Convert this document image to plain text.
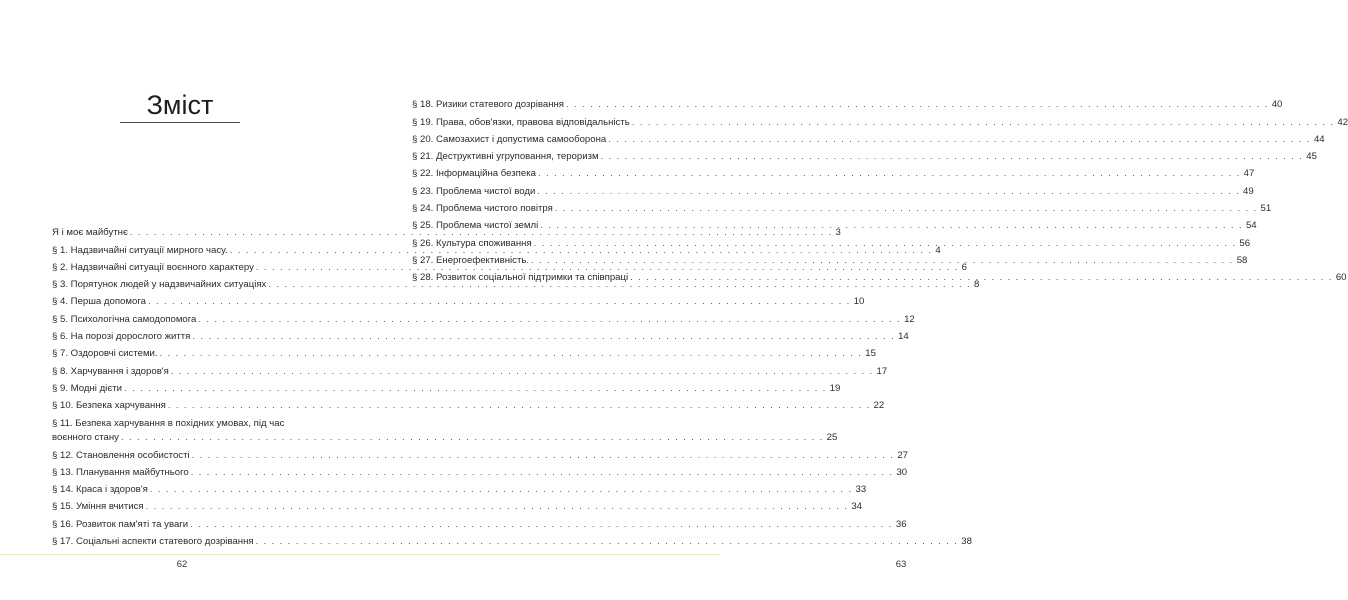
Зміст
Я і моє майбутнє . . .	3
§ 1. Надзвичайні ситуації мирного часу. . . .	4
§ 2. Надзвичайні ситуації воєнного характеру . . .	6
§ 3. Порятунок людей у надзвичайних ситуаціях . . .	8
§ 4. Перша допомога . . .	10
§ 5. Психологічна самодопомога . . .	12
§ 6. На порозі дорослого життя . . .	14
§ 7. Оздоровчі системи. . . .	15
§ 8. Харчування і здоров'я . . .	17
§ 9. Модні дієти . . .	19
§ 10. Безпека харчування . . .	22
§ 11. Безпека харчування в похідних умовах, під час
воєнного стану . . .	25
§ 12. Становлення особистості . . .	27
§ 13. Планування майбутнього . . .	30
§ 14. Краса і здоров'я . . .	33
§ 15. Уміння вчитися . . .	34
§ 16. Розвиток пам'яті та уваги . . .	36
§ 17. Соціальні аспекти статевого дозрівання . . .	38
62
§ 18. Ризики статевого дозрівання . . .	40
§ 19. Права, обов'язки, правова відповідальність . . .	42
§ 20. Самозахист і допустима самооборона . . .	44
§ 21. Деструктивні угруповання, тероризм . . .	45
§ 22. Інформаційна безпека . . .	47
§ 23. Проблема чистої води . . .	49
§ 24. Проблема чистого повітря . . .	51
§ 25. Проблема чистої землі . . .	54
§ 26. Культура споживання . . .	56
§ 27. Енергоефективність. . . .	58
§ 28. Розвиток соціальної підтримки та співпраці . . .	60
63
